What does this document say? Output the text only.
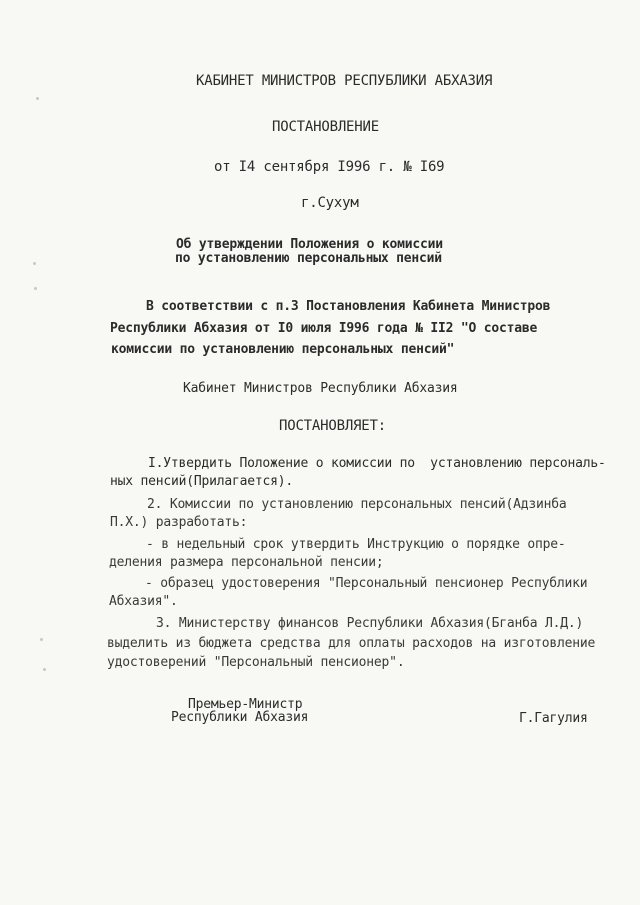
КАБИНЕТ МИНИСТРОВ РЕСПУБЛИКИ АБХАЗИЯ
ПОСТАНОВЛЕНИЕ
от I4 сентября I996 г. № I69
г.Сухум
Об утверждении Положения о комиссии
по установлению персональных пенсий
В соответствии с п.3 Постановления Кабинета Министров
Республики Абхазия от I0 июля I996 года № II2 "О составе
комиссии по установлению персональных пенсий"
Кабинет Министров Республики Абхазия
ПОСТАНОВЛЯЕТ:
I.Утвердить Положение о комиссии по  установлению персональ-
ных пенсий(Прилагается).
2. Комиссии по установлению персональных пенсий(Адзинба
П.Х.) разработать:
- в недельный срок утвердить Инструкцию о порядке опре-
деления размера персональной пенсии;
- образец удостоверения "Персональный пенсионер Республики
Абхазия".
3. Министерству финансов Республики Абхазия(Бганба Л.Д.)
выделить из бюджета средства для оплаты расходов на изготовление
удостоверений "Персональный пенсионер".
Премьер-Министр
Республики Абхазия	Г.Гагулия
